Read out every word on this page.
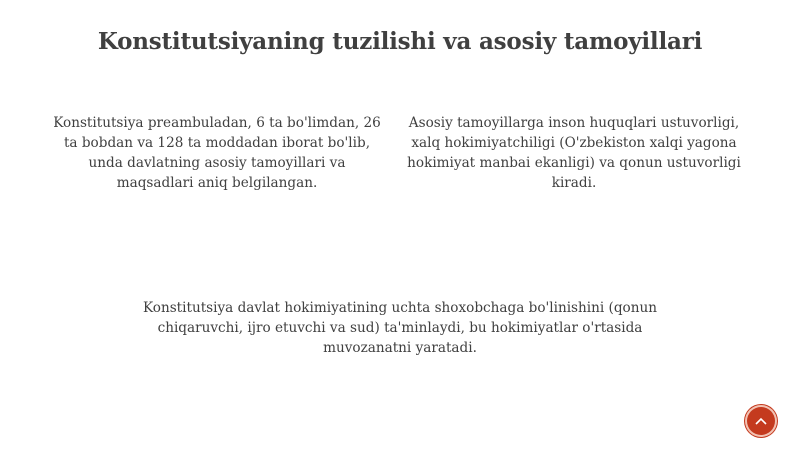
Konstitutsiyaning tuzilishi va asosiy tamoyillari

Konstitutsiya preambuladan, 6 ta bo'limdan, 26 ta bobdan va 128 ta moddadan iborat bo'lib, unda davlatning asosiy tamoyillari va maqsadlari aniq belgilangan.

Asosiy tamoyillarga inson huquqlari ustuvorligi, xalq hokimiyatchiligi (O'zbekiston xalqi yagona hokimiyat manbai ekanligi) va qonun ustuvorligi kiradi.

Konstitutsiya davlat hokimiyatining uchta shoxobchaga bo'linishini (qonun chiqaruvchi, ijro etuvchi va sud) ta'minlaydi, bu hokimiyatlar o'rtasida muvozanatni yaratadi.
